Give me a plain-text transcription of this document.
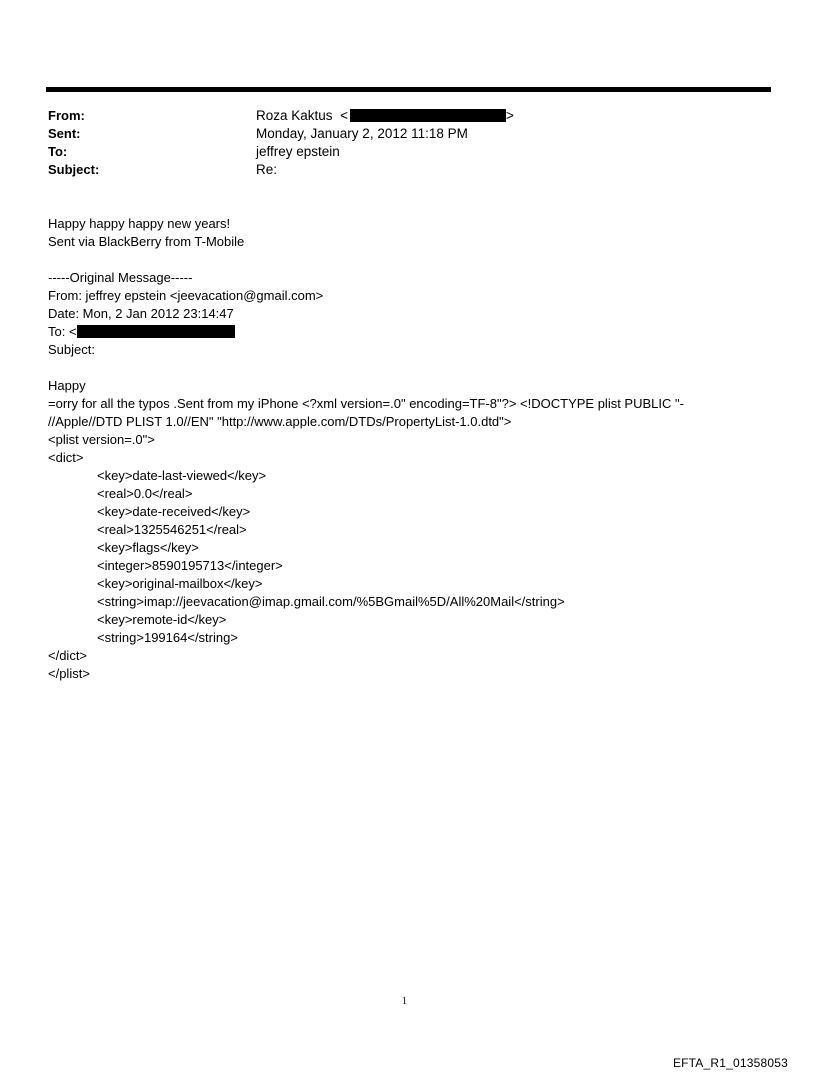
From:	Roza Kaktus <	>
Sent:	Monday, January 2, 2012 11:18 PM
To:	jeffrey epstein
Subject:	Re:
Happy happy happy new years!
Sent via BlackBerry from T-Mobile
-----Original Message-----
From: jeffrey epstein <jeevacation@gmail.com>
Date: Mon, 2 Jan 2012 23:14:47
To: <
Subject:
Happy
=orry for all the typos .Sent from my iPhone <?xml version=.0" encoding=TF-8"?> <!DOCTYPE plist PUBLIC "-
//Apple//DTD PLIST 1.0//EN" "http://www.apple.com/DTDs/PropertyList-1.0.dtd">
<plist version=.0">
<dict>
<key>date-last-viewed</key>
<real>0.0</real>
<key>date-received</key>
<real>1325546251</real>
<key>flags</key>
<integer>8590195713</integer>
<key>original-mailbox</key>
<string>imap://jeevacation@imap.gmail.com/%5BGmail%5D/All%20Mail</string>
<key>remote-id</key>
<string>199164</string>
</dict>
</plist>
1
EFTA_R1_01358053
